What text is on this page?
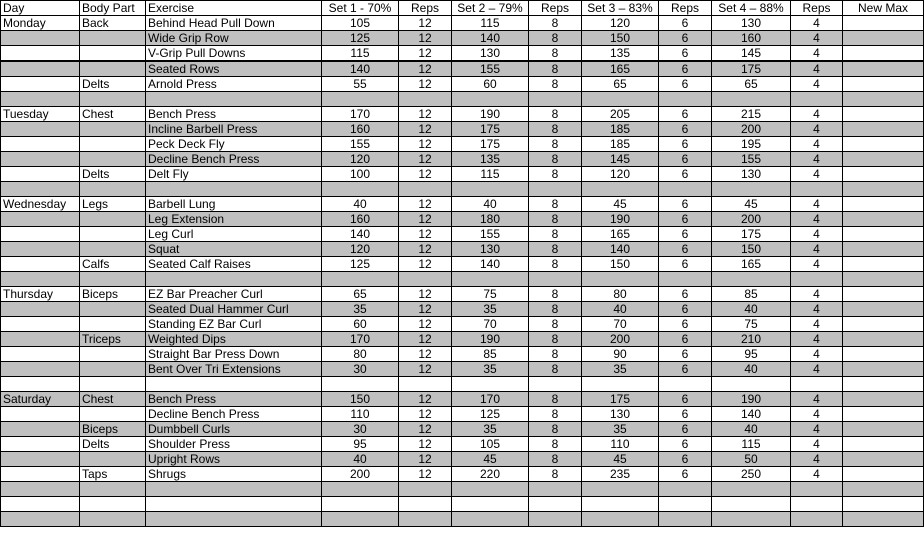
Day	Body Part	Exercise	Set 1 - 70%	Reps	Set 2 – 79%	Reps	Set 3 – 83%	Reps	Set 4 – 88%	Reps	New Max
Monday	Back	Behind Head Pull Down	105	12	115	8	120	6	130	4	
		Wide Grip Row	125	12	140	8	150	6	160	4	
		V-Grip Pull Downs	115	12	130	8	135	6	145	4	
		Seated Rows	140	12	155	8	165	6	175	4	
	Delts	Arnold Press	55	12	60	8	65	6	65	4	

Tuesday	Chest	Bench Press	170	12	190	8	205	6	215	4	
		Incline Barbell Press	160	12	175	8	185	6	200	4	
		Peck Deck Fly	155	12	175	8	185	6	195	4	
		Decline Bench Press	120	12	135	8	145	6	155	4	
	Delts	Delt Fly	100	12	115	8	120	6	130	4	

Wednesday	Legs	Barbell Lung	40	12	40	8	45	6	45	4	
		Leg Extension	160	12	180	8	190	6	200	4	
		Leg Curl	140	12	155	8	165	6	175	4	
		Squat	120	12	130	8	140	6	150	4	
	Calfs	Seated Calf Raises	125	12	140	8	150	6	165	4	

Thursday	Biceps	EZ Bar Preacher Curl	65	12	75	8	80	6	85	4	
		Seated Dual Hammer Curl	35	12	35	8	40	6	40	4	
		Standing EZ Bar Curl	60	12	70	8	70	6	75	4	
	Triceps	Weighted Dips	170	12	190	8	200	6	210	4	
		Straight Bar Press Down	80	12	85	8	90	6	95	4	
		Bent Over Tri Extensions	30	12	35	8	35	6	40	4	

Saturday	Chest	Bench Press	150	12	170	8	175	6	190	4	
		Decline Bench Press	110	12	125	8	130	6	140	4	
	Biceps	Dumbbell Curls	30	12	35	8	35	6	40	4	
	Delts	Shoulder Press	95	12	105	8	110	6	115	4	
		Upright Rows	40	12	45	8	45	6	50	4	
	Taps	Shrugs	200	12	220	8	235	6	250	4	
